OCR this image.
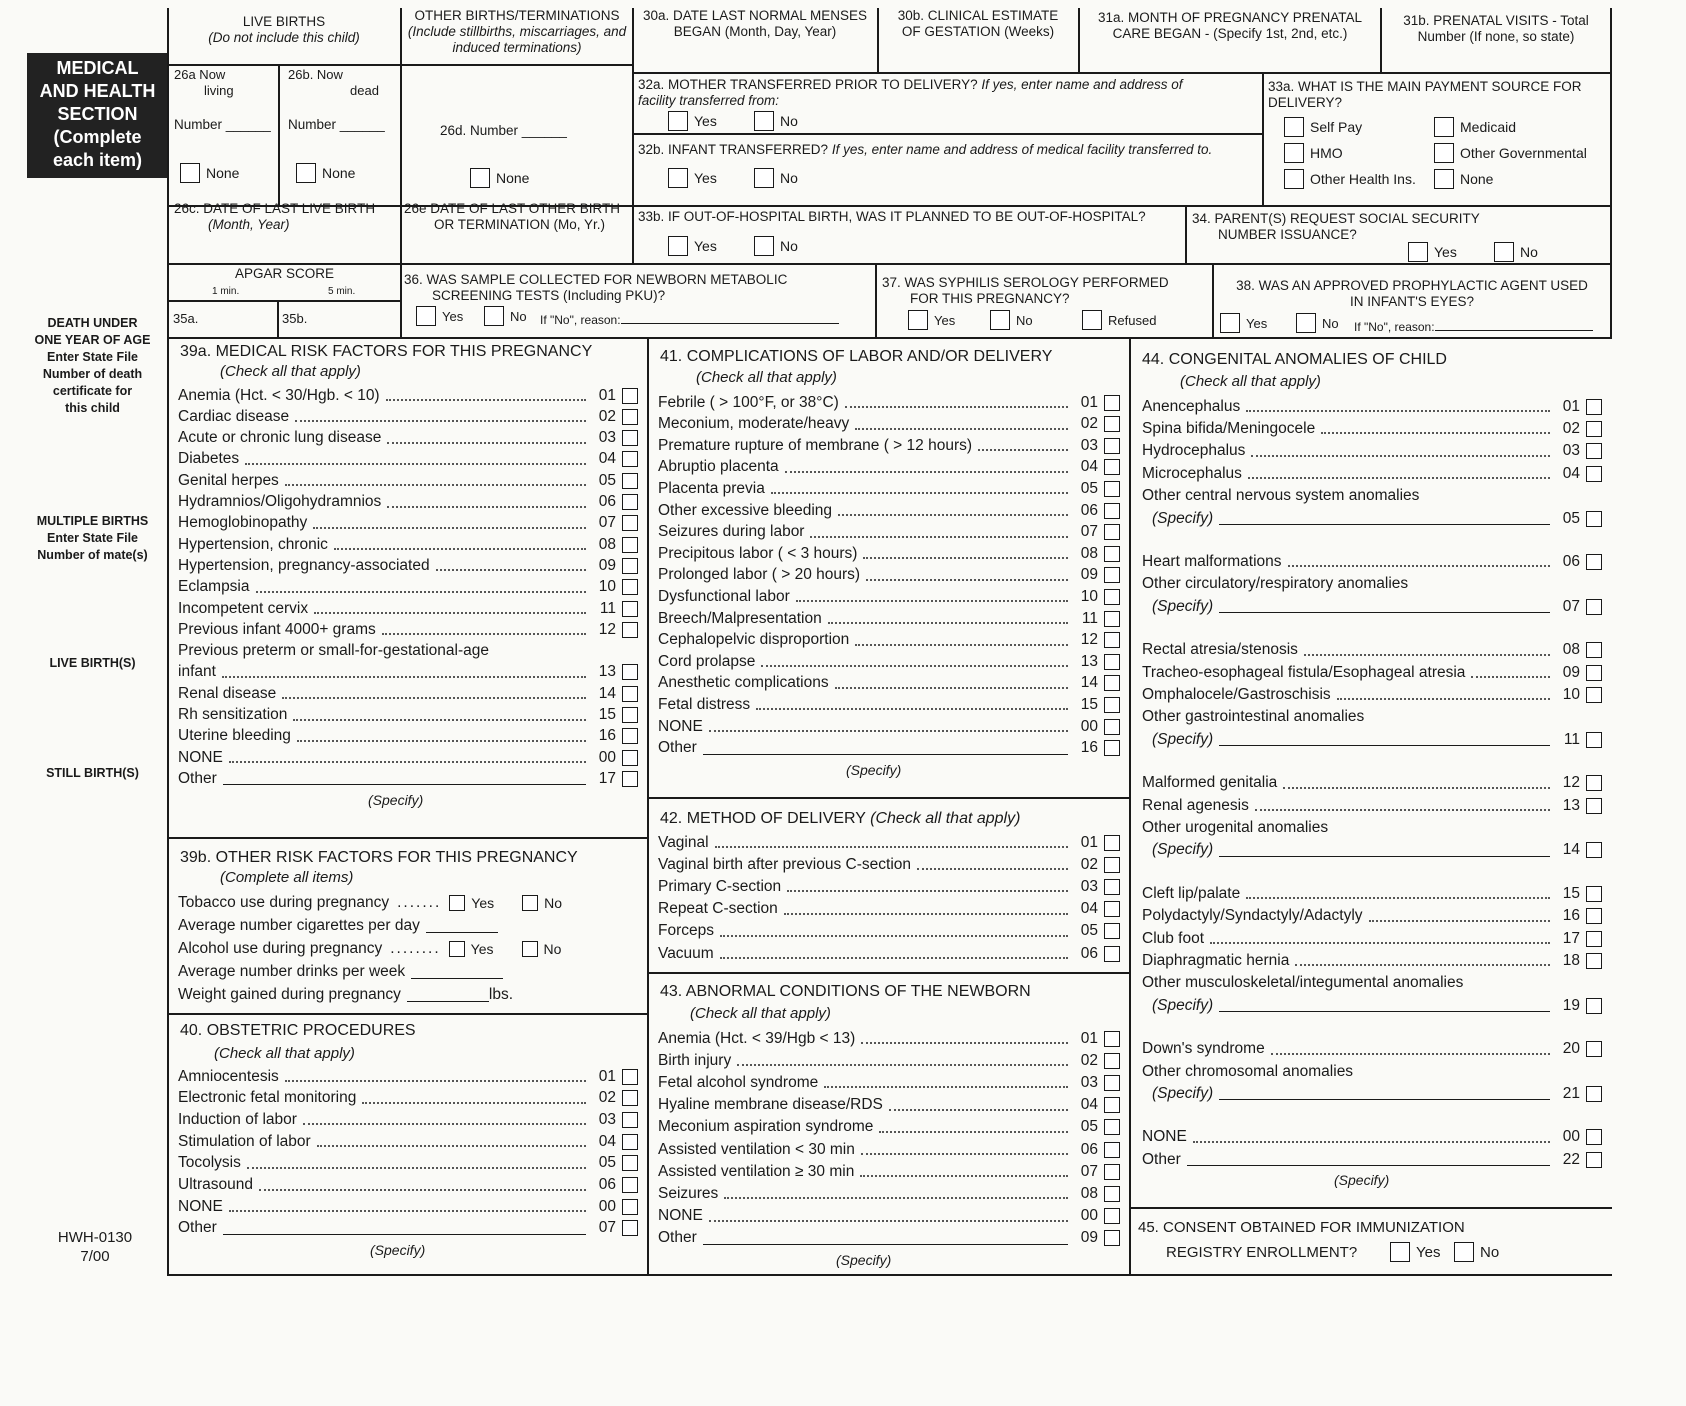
MEDICAL
AND HEALTH
SECTION
(Complete
each item)
DEATH UNDER
ONE YEAR OF AGE
Enter State File
Number of death
certificate for
this child
MULTIPLE BIRTHS
Enter State File
Number of mate(s)
LIVE BIRTH(S)
STILL BIRTH(S)
HWH-0130
7/00
LIVE BIRTHS
(Do not include this child)
OTHER BIRTHS/TERMINATIONS
(Include stillbirths, miscarriages, and induced terminations)
30a. DATE LAST NORMAL MENSES
BEGAN (Month, Day, Year)
30b. CLINICAL ESTIMATE
OF GESTATION (Weeks)
31a. MONTH OF PREGNANCY PRENATAL
CARE BEGAN - (Specify 1st, 2nd, etc.)
31b. PRENATAL VISITS - Total
Number (If none, so state)
26a Now
living
26b. Now
dead
Number ______ Number ______	26d. Number ______
None	None	None
26c. DATE OF LAST LIVE BIRTH
(Month, Year)
26e DATE OF LAST OTHER BIRTH
OR TERMINATION (Mo, Yr.)
32a. MOTHER TRANSFERRED PRIOR TO DELIVERY? If yes, enter name and address of
facility transferred from:
Yes	No
32b. INFANT TRANSFERRED? If yes, enter name and address of medical facility transferred to.
Yes	No
33a. WHAT IS THE MAIN PAYMENT SOURCE FOR
DELIVERY?
Self Pay	Medicaid
HMO	Other Governmental
Other Health Ins.	None
33b. IF OUT-OF-HOSPITAL BIRTH, WAS IT PLANNED TO BE OUT-OF-HOSPITAL?
Yes	No
34. PARENT(S) REQUEST SOCIAL SECURITY
NUMBER ISSUANCE?
Yes	No
APGAR SCORE
1 min.	5 min.
35a.	35b.
36. WAS SAMPLE COLLECTED FOR NEWBORN METABOLIC
SCREENING TESTS (Including PKU)?
Yes	No If "No", reason:
37. WAS SYPHILIS SEROLOGY PERFORMED
FOR THIS PREGNANCY?
Yes	No	Refused
38. WAS AN APPROVED PROPHYLACTIC AGENT USED
IN INFANT'S EYES?
Yes	No If "No", reason:
39a. MEDICAL RISK FACTORS FOR THIS PREGNANCY
(Check all that apply)
Anemia (Hct. < 30/Hgb. < 10)	01
Cardiac disease	02
Acute or chronic lung disease	03
Diabetes	04
Genital herpes	05
Hydramnios/Oligohydramnios	06
Hemoglobinopathy	07
Hypertension, chronic	08
Hypertension, pregnancy-associated	09
Eclampsia	10
Incompetent cervix	11
Previous infant 4000+ grams	12
Previous preterm or small-for-gestational-age
infant	13
Renal disease	14
Rh sensitization	15
Uterine bleeding	16
NONE	00
Other	17
(Specify)
39b. OTHER RISK FACTORS FOR THIS PREGNANCY
(Complete all items)
Tobacco use during pregnancy ....... Yes	No
Average number cigarettes per day
Alcohol use during pregnancy ........ Yes	No
Average number drinks per week
Weight gained during pregnancy	lbs.
40. OBSTETRIC PROCEDURES
(Check all that apply)
Amniocentesis	01
Electronic fetal monitoring	02
Induction of labor	03
Stimulation of labor	04
Tocolysis	05
Ultrasound	06
NONE	00
Other	07
(Specify)
41. COMPLICATIONS OF LABOR AND/OR DELIVERY
(Check all that apply)
Febrile ( > 100°F, or 38°C)	01
Meconium, moderate/heavy	02
Premature rupture of membrane ( > 12 hours)	03
Abruptio placenta	04
Placenta previa	05
Other excessive bleeding	06
Seizures during labor	07
Precipitous labor ( < 3 hours)	08
Prolonged labor ( > 20 hours)	09
Dysfunctional labor	10
Breech/Malpresentation	11
Cephalopelvic disproportion	12
Cord prolapse	13
Anesthetic complications	14
Fetal distress	15
NONE	00
Other	16
(Specify)
42. METHOD OF DELIVERY (Check all that apply)
Vaginal	01
Vaginal birth after previous C-section	02
Primary C-section	03
Repeat C-section	04
Forceps	05
Vacuum	06
43. ABNORMAL CONDITIONS OF THE NEWBORN
(Check all that apply)
Anemia (Hct. < 39/Hgb < 13)	01
Birth injury	02
Fetal alcohol syndrome	03
Hyaline membrane disease/RDS	04
Meconium aspiration syndrome	05
Assisted ventilation < 30 min	06
Assisted ventilation ≥ 30 min	07
Seizures	08
NONE	00
Other	09
(Specify)
44. CONGENITAL ANOMALIES OF CHILD
(Check all that apply)
Anencephalus	01
Spina bifida/Meningocele	02
Hydrocephalus	03
Microcephalus	04
Other central nervous system anomalies
(Specify)	05
Heart malformations	06
Other circulatory/respiratory anomalies
(Specify)	07
Rectal atresia/stenosis	08
Tracheo-esophageal fistula/Esophageal atresia	09
Omphalocele/Gastroschisis	10
Other gastrointestinal anomalies
(Specify)	11
Malformed genitalia	12
Renal agenesis	13
Other urogenital anomalies
(Specify)	14
Cleft lip/palate	15
Polydactyly/Syndactyly/Adactyly	16
Club foot	17
Diaphragmatic hernia	18
Other musculoskeletal/integumental anomalies
(Specify)	19
Down's syndrome	20
Other chromosomal anomalies
(Specify)	21
NONE	00
Other	22
(Specify)
45. CONSENT OBTAINED FOR IMMUNIZATION
REGISTRY ENROLLMENT?	Yes	No
